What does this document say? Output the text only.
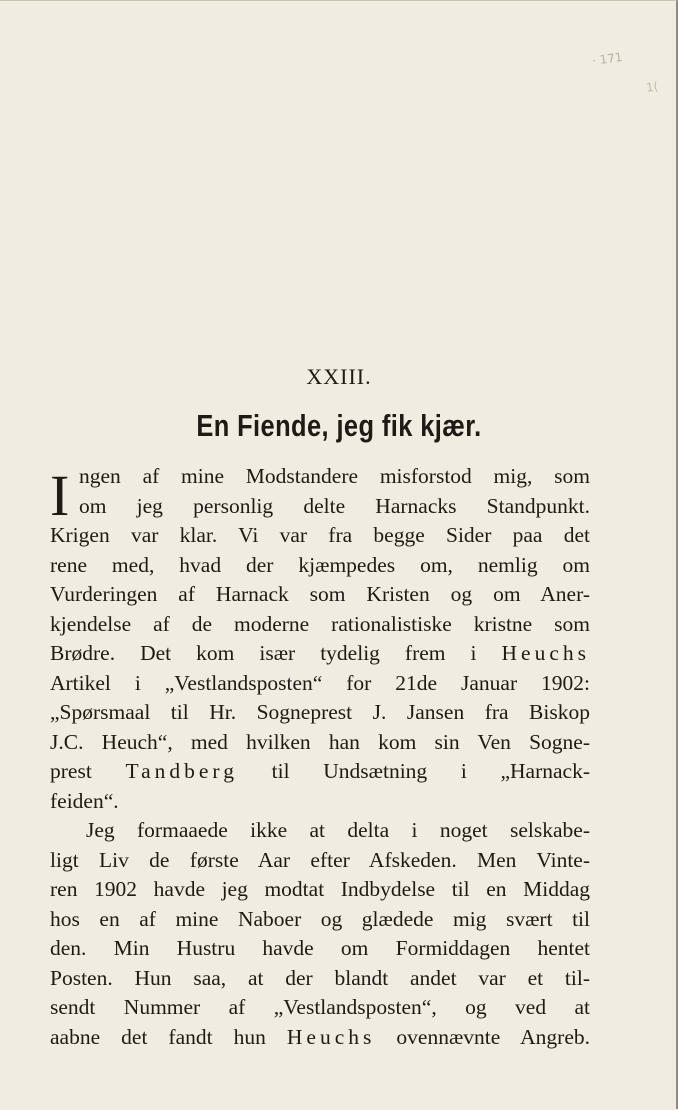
· 171
1(
XXIII.
En Fiende, jeg fik kjær.
I ngen af mine Modstandere misforstod mig, som
om jeg personlig delte Harnacks Standpunkt.
Krigen var klar. Vi var fra begge Sider paa det
rene med, hvad der kjæmpedes om, nemlig om
Vurderingen af Harnack som Kristen og om Aner-
kjendelse af de moderne rationalistiske kristne som
Brødre. Det kom især tydelig frem i Heuchs
Artikel i „Vestlandsposten“ for 21de Januar 1902:
„Spørsmaal til Hr. Sogneprest J. Jansen fra Biskop
J.C. Heuch“, med hvilken han kom sin Ven Sogne-
prest Tandberg til Undsætning i „Harnack-
feiden“.
Jeg formaaede ikke at delta i noget selskabe-
ligt Liv de første Aar efter Afskeden. Men Vinte-
ren 1902 havde jeg modtat Indbydelse til en Middag
hos en af mine Naboer og glædede mig svært til
den. Min Hustru havde om Formiddagen hentet
Posten. Hun saa, at der blandt andet var et til-
sendt Nummer af „Vestlandsposten“, og ved at
aabne det fandt hun Heuchs ovennævnte Angreb.
